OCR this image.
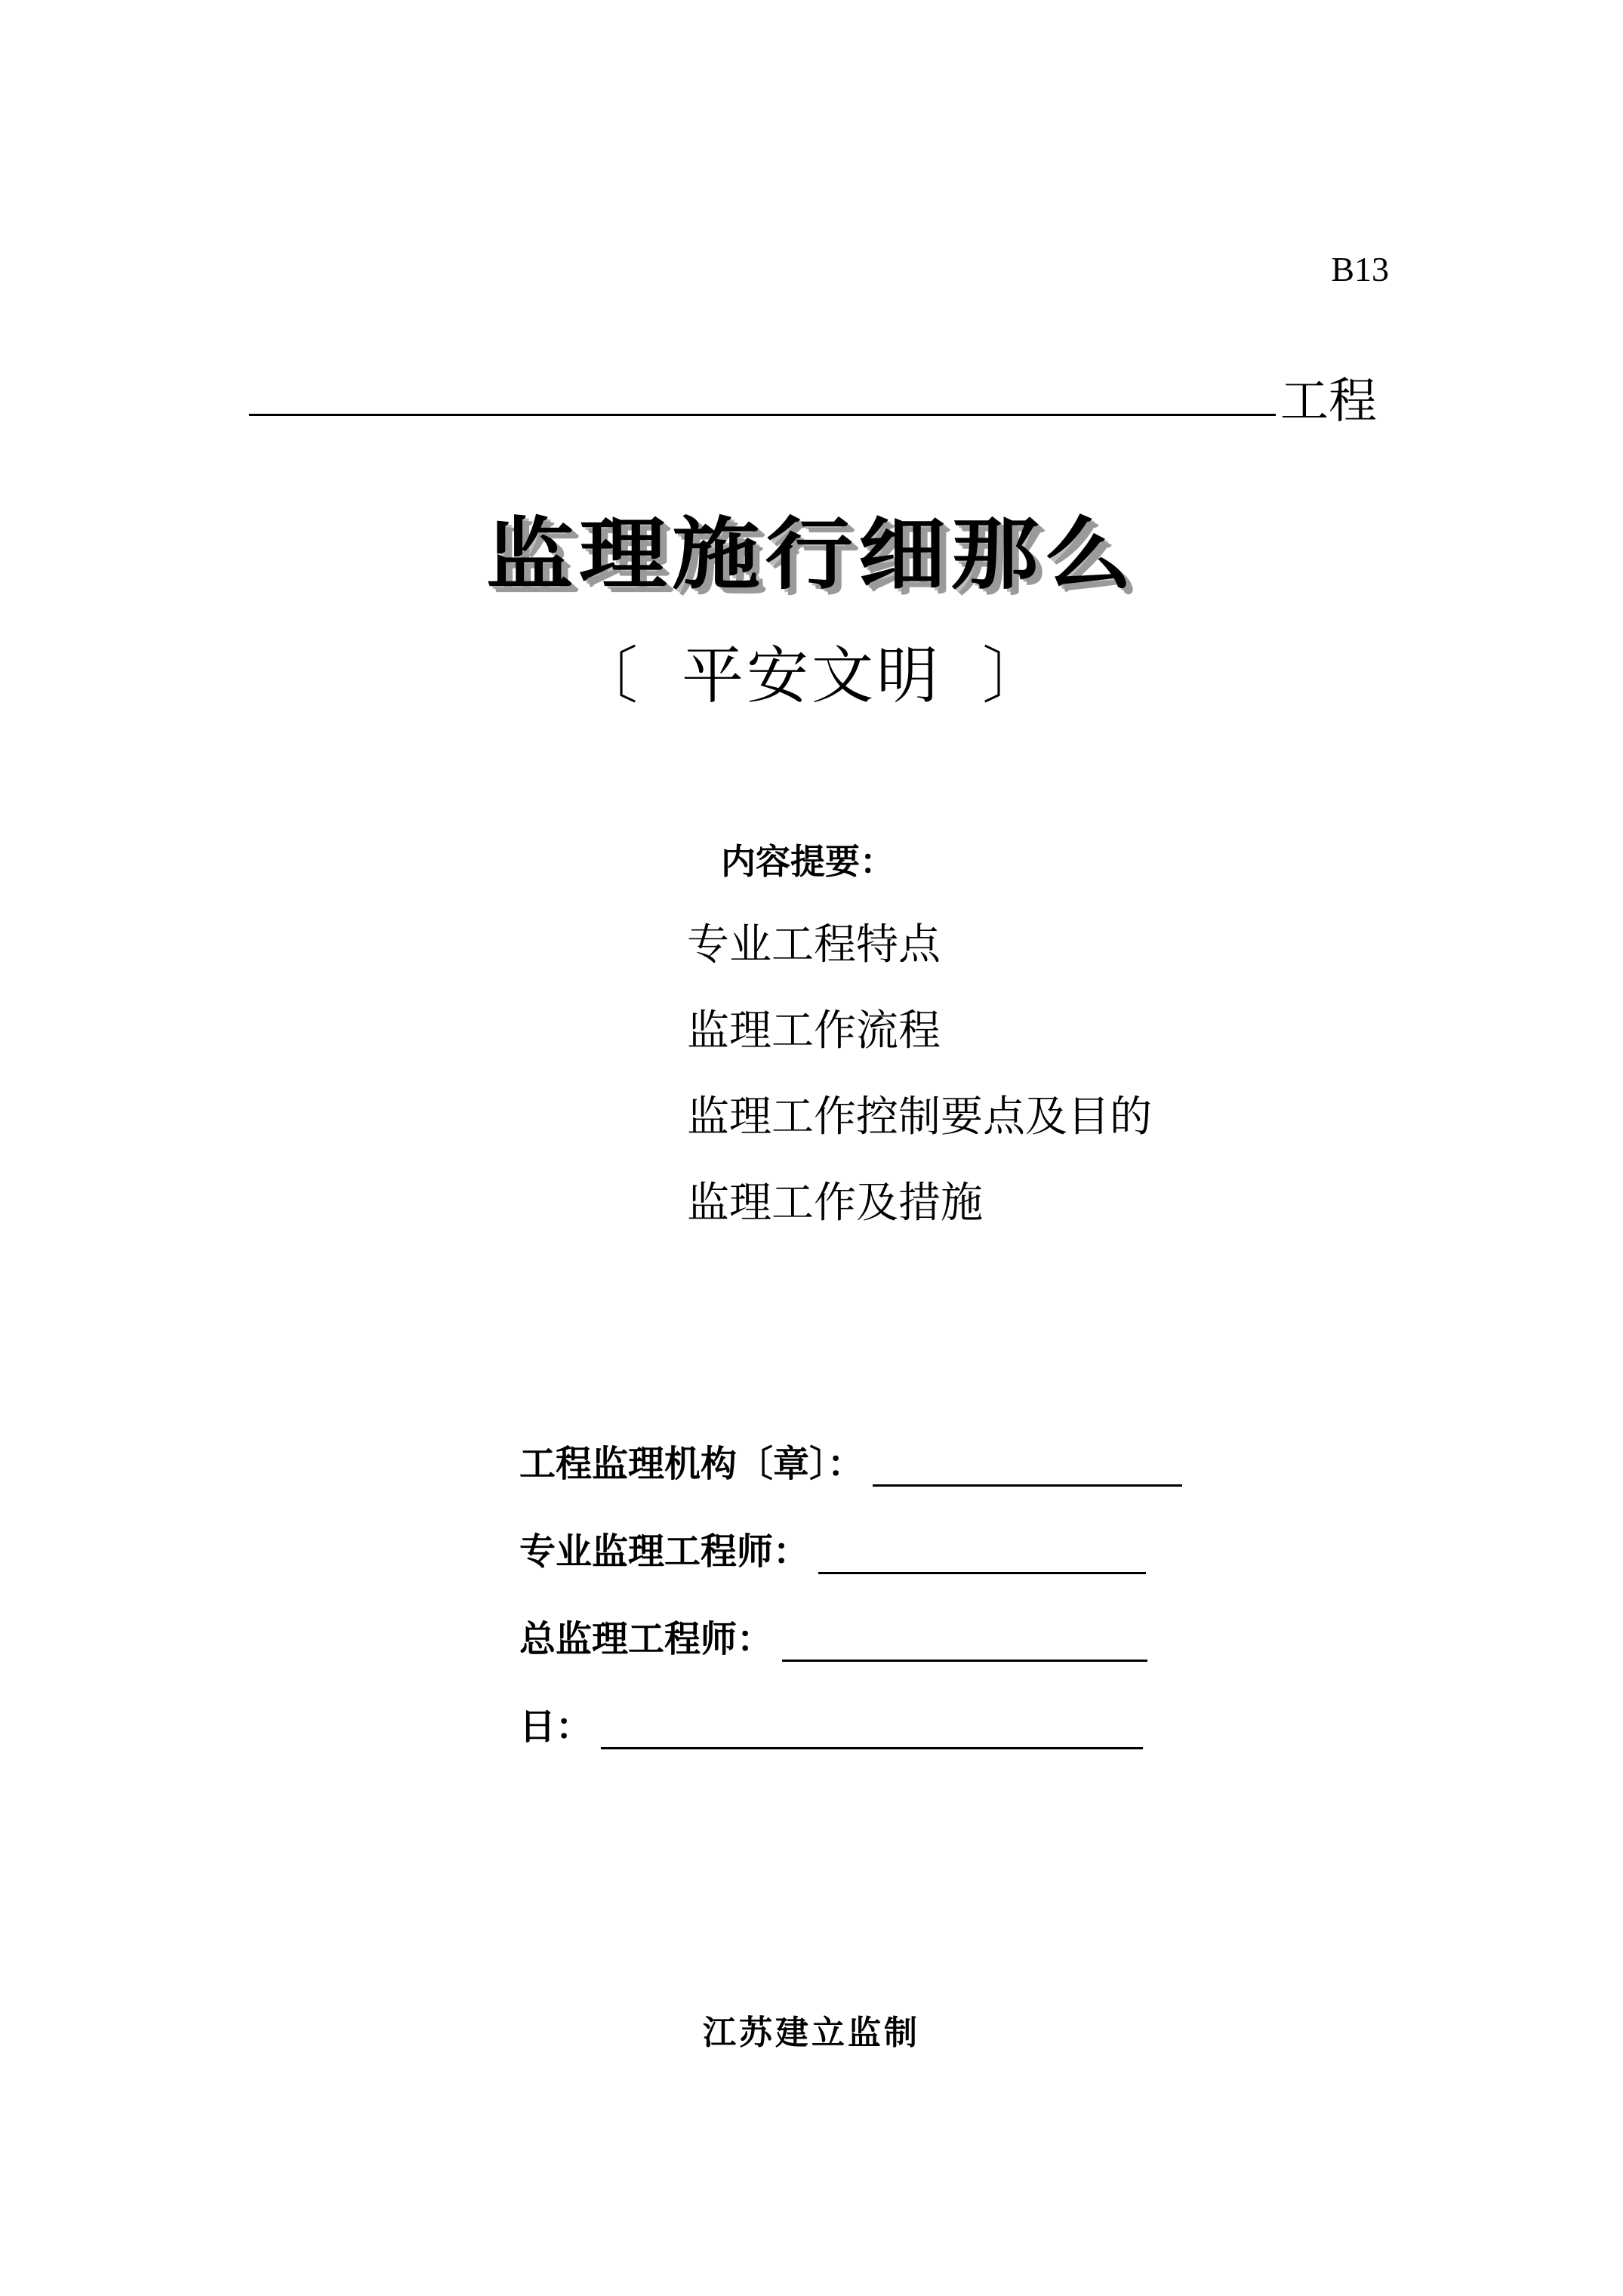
B13
工程
监理施行细那么
〔 平安文明 〕
内容提要：
专业工程特点
监理工作流程
监理工作控制要点及目的
监理工作及措施
工程监理机构〔章〕：
专业监理工程师：
总监理工程师：
日：
江苏建立监制
